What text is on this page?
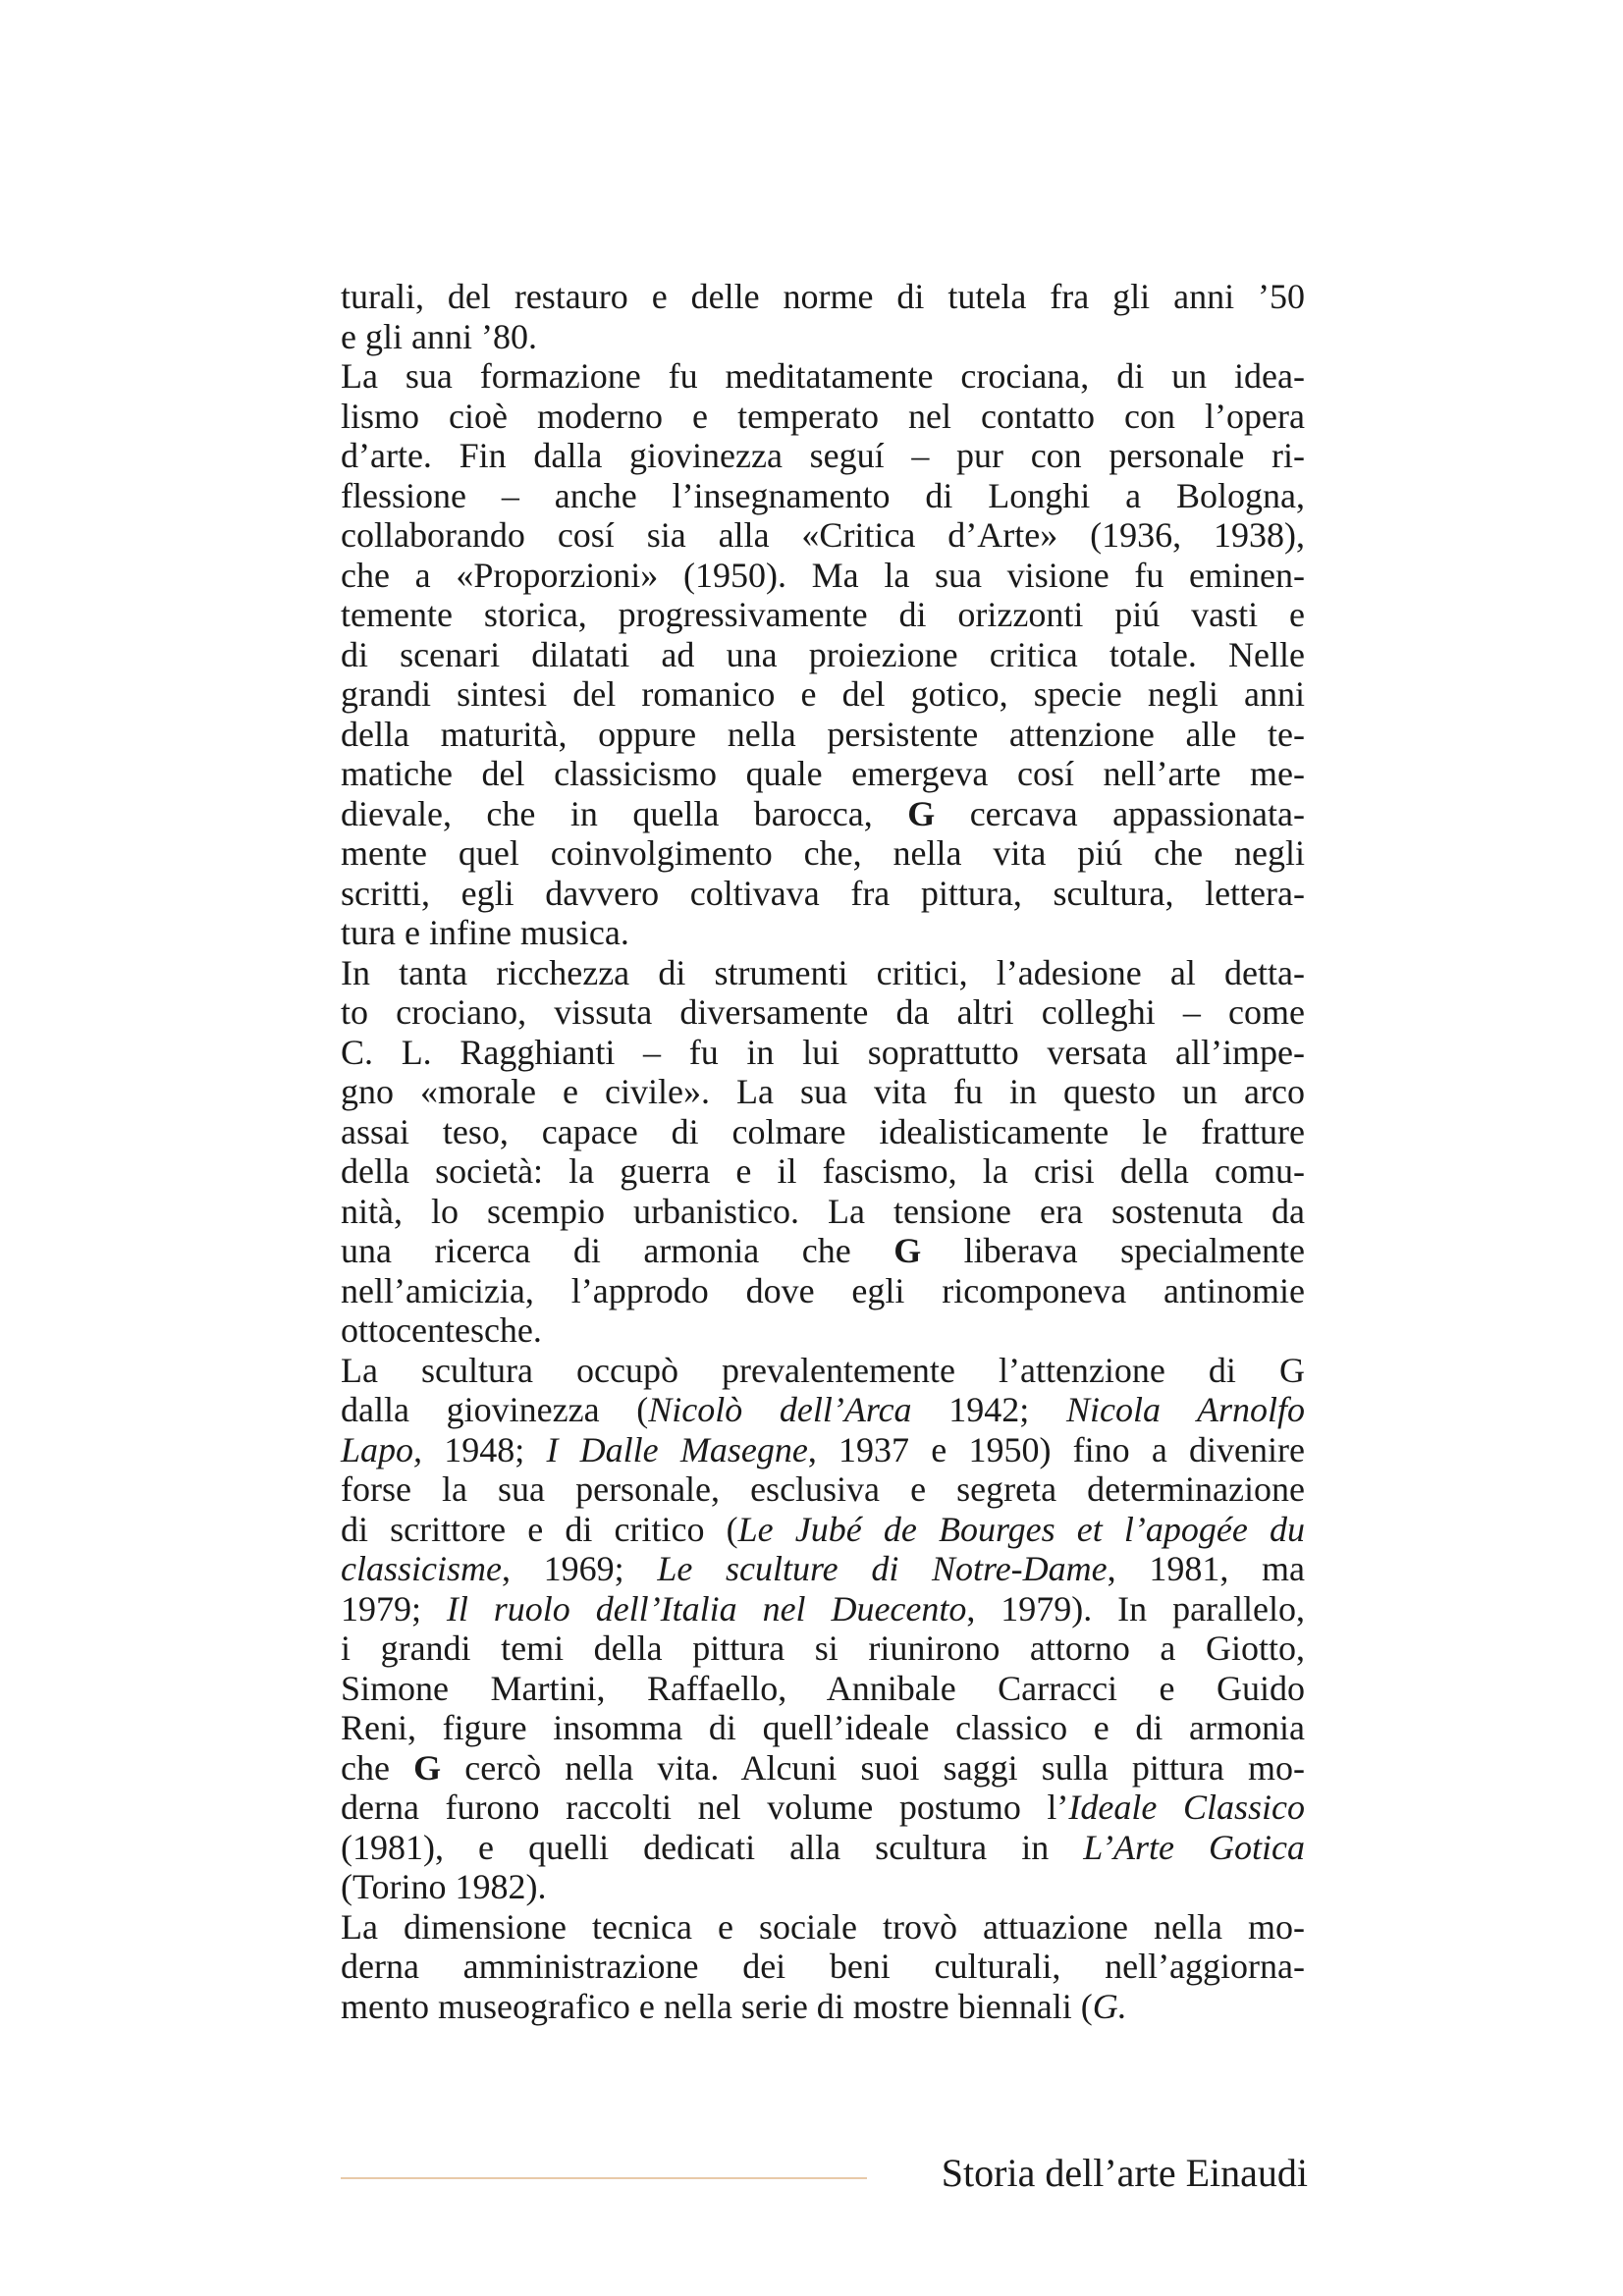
turali, del restauro e delle norme di tutela fra gli anni ’50
e gli anni ’80.

La sua formazione fu meditatamente crociana, di un idea-
lismo cioè moderno e temperato nel contatto con l’opera
d’arte. Fin dalla giovinezza seguí – pur con personale ri-
flessione – anche l’insegnamento di Longhi a Bologna,
collaborando cosí sia alla «Critica d’Arte» (1936, 1938),
che a «Proporzioni» (1950). Ma la sua visione fu eminen-
temente storica, progressivamente di orizzonti piú vasti e
di scenari dilatati ad una proiezione critica totale. Nelle
grandi sintesi del romanico e del gotico, specie negli anni
della maturità, oppure nella persistente attenzione alle te-
matiche del classicismo quale emergeva cosí nell’arte me-
dievale, che in quella barocca, G cercava appassionata-
mente quel coinvolgimento che, nella vita piú che negli
scritti, egli davvero coltivava fra pittura, scultura, lettera-
tura e infine musica.

In tanta ricchezza di strumenti critici, l’adesione al detta-
to crociano, vissuta diversamente da altri colleghi – come
C. L. Ragghianti – fu in lui soprattutto versata all’impe-
gno «morale e civile». La sua vita fu in questo un arco
assai teso, capace di colmare idealisticamente le fratture
della società: la guerra e il fascismo, la crisi della comu-
nità, lo scempio urbanistico. La tensione era sostenuta da
una ricerca di armonia che G liberava specialmente
nell’amicizia, l’approdo dove egli ricomponeva antinomie
ottocentesche.

La scultura occupò prevalentemente l’attenzione di G
dalla giovinezza (Nicolò dell’Arca 1942; Nicola Arnolfo
Lapo, 1948; I Dalle Masegne, 1937 e 1950) fino a divenire
forse la sua personale, esclusiva e segreta determinazione
di scrittore e di critico (Le Jubé de Bourges et l’apogée du
classicisme, 1969; Le sculture di Notre-Dame, 1981, ma
1979; Il ruolo dell’Italia nel Duecento, 1979). In parallelo,
i grandi temi della pittura si riunirono attorno a Giotto,
Simone Martini, Raffaello, Annibale Carracci e Guido
Reni, figure insomma di quell’ideale classico e di armonia
che G cercò nella vita. Alcuni suoi saggi sulla pittura mo-
derna furono raccolti nel volume postumo l’Ideale Classico
(1981), e quelli dedicati alla scultura in L’Arte Gotica
(Torino 1982).

La dimensione tecnica e sociale trovò attuazione nella mo-
derna amministrazione dei beni culturali, nell’aggiorna-
mento museografico e nella serie di mostre biennali (G.

Storia dell’arte Einaudi
